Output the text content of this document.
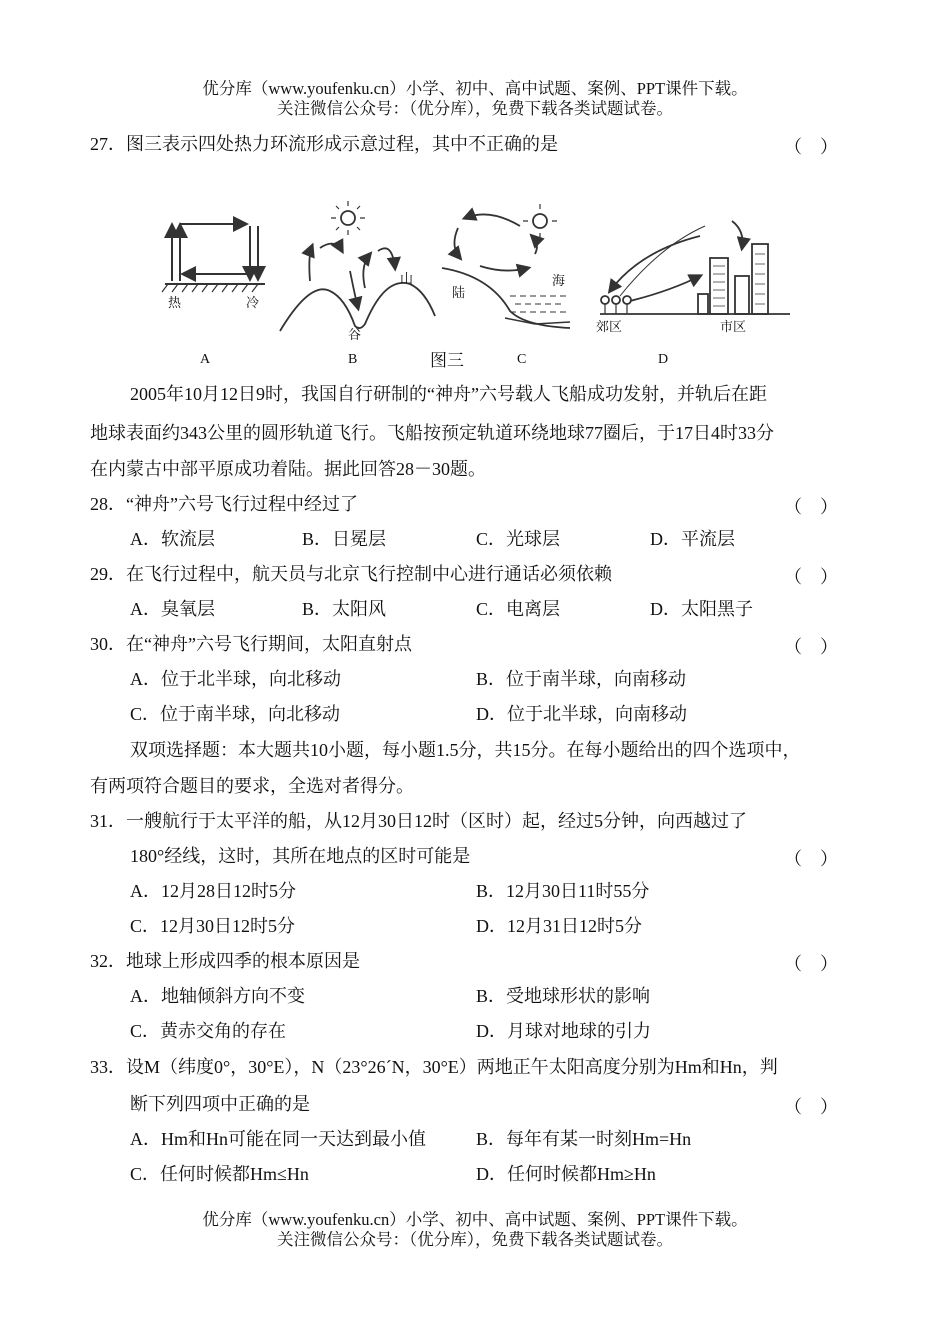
优分库（www.youfenku.cn）小学、初中、高中试题、案例、PPT课件下载。
关注微信公众号：（优分库），免费下载各类试题试卷。
27．图三表示四处热力环流形成示意过程，其中不正确的是	（　）
热	冷
山
谷
陆
海
郊区	市区
A	B	图三	C	D
2005年10月12日9时，我国自行研制的“神舟”六号载人飞船成功发射，并轨后在距
地球表面约343公里的圆形轨道飞行。飞船按预定轨道环绕地球77圈后，于17日4时33分
在内蒙古中部平原成功着陆。据此回答28－30题。
28．“神舟”六号飞行过程中经过了	（　）
A．软流层	B．日冕层	C．光球层	D．平流层
29．在飞行过程中，航天员与北京飞行控制中心进行通话必须依赖	（　）
A．臭氧层	B．太阳风	C．电离层	D．太阳黑子
30．在“神舟”六号飞行期间，太阳直射点	（　）
A．位于北半球，向北移动	B．位于南半球，向南移动
C．位于南半球，向北移动	D．位于北半球，向南移动
双项选择题：本大题共10小题，每小题1.5分，共15分。在每小题给出的四个选项中，
有两项符合题目的要求，全选对者得分。
31．一艘航行于太平洋的船，从12月30日12时（区时）起，经过5分钟，向西越过了
180°经线，这时，其所在地点的区时可能是	（　）
A．12月28日12时5分	B．12月30日11时55分
C．12月30日12时5分	D．12月31日12时5分
32．地球上形成四季的根本原因是	（　）
A．地轴倾斜方向不变	B．受地球形状的影响
C．黄赤交角的存在	D．月球对地球的引力
33．设M（纬度0°，30°E），N（23°26´N，30°E）两地正午太阳高度分别为Hm和Hn，判
断下列四项中正确的是	（　）
A．Hm和Hn可能在同一天达到最小值	B．每年有某一时刻Hm=Hn
C．任何时候都Hm≤Hn	D．任何时候都Hm≥Hn
优分库（www.youfenku.cn）小学、初中、高中试题、案例、PPT课件下载。
关注微信公众号：（优分库），免费下载各类试题试卷。
